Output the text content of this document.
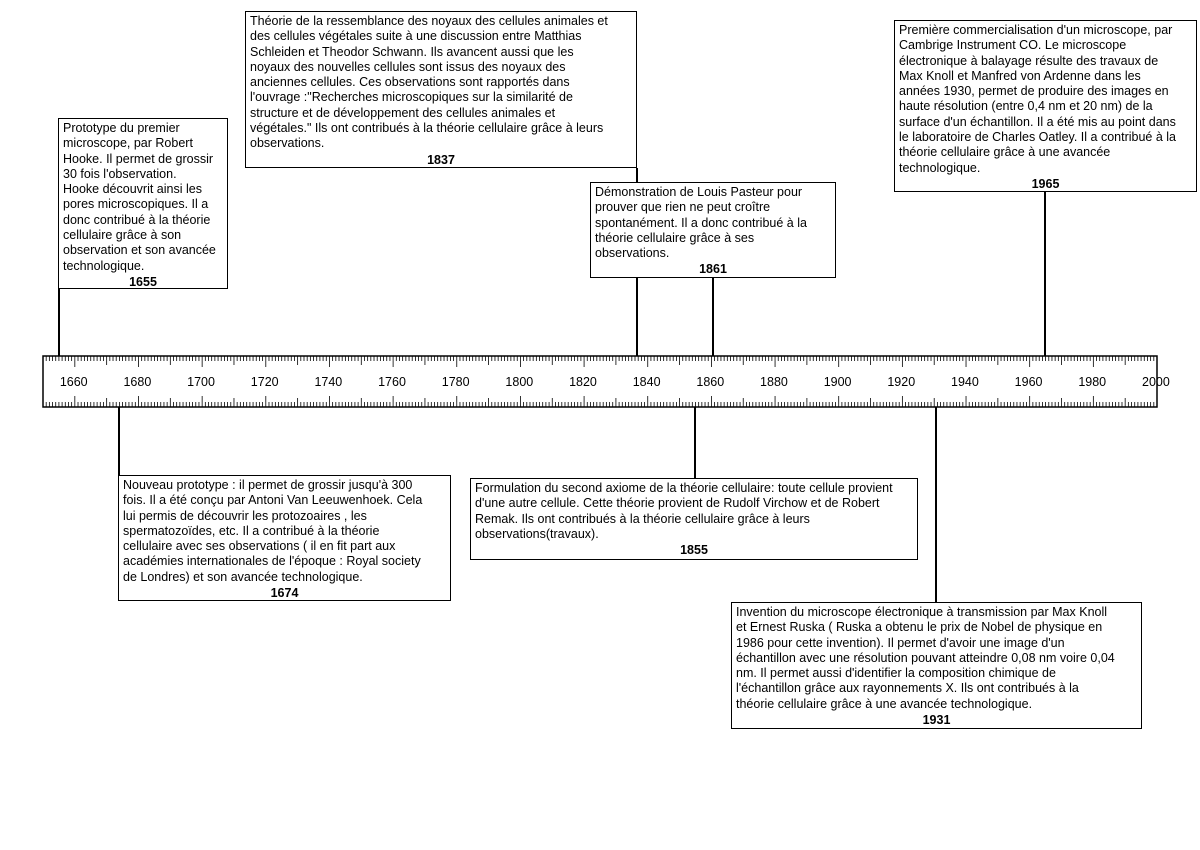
1660	1680	1700	1720	1740	1760	1780	1800	1820	1840	1860	1880	1900	1920	1940	1960	1980	2000

Prototype du premier
microscope, par Robert
Hooke. Il permet de grossir
30 fois l'observation.
Hooke découvrit ainsi les
pores microscopiques. Il a
donc contribué à la théorie
cellulaire grâce à son
observation et son avancée
technologique.

1655

Théorie de la ressemblance des noyaux des cellules animales et
des cellules végétales suite à une discussion entre Matthias
Schleiden et Theodor Schwann. Ils avancent aussi que les
noyaux des nouvelles cellules sont issus des noyaux des
anciennes cellules. Ces observations sont rapportés dans
l'ouvrage :"Recherches microscopiques sur la similarité de
structure et de développement des cellules animales et
végétales." Ils ont contribués à la théorie cellulaire grâce à leurs
observations.

1837

Démonstration de Louis Pasteur pour
prouver que rien ne peut croître
spontanément. Il a donc contribué à la
théorie cellulaire grâce à ses
observations.

1861

Première commercialisation d'un microscope, par
Cambrige Instrument CO. Le microscope
électronique à balayage résulte des travaux de
Max Knoll et Manfred von Ardenne dans les
années 1930, permet de produire des images en
haute résolution (entre 0,4 nm et 20 nm) de la
surface d'un échantillon. Il a été mis au point dans
le laboratoire de Charles Oatley. Il a contribué à la
théorie cellulaire grâce à une avancée
technologique.

1965

Nouveau prototype : il permet de grossir jusqu'à 300
fois. Il a été conçu par Antoni Van Leeuwenhoek. Cela
lui permis de découvrir les protozoaires , les
spermatozoïdes, etc. Il a contribué à la théorie
cellulaire avec ses observations ( il en fit part aux
académies internationales de l'époque : Royal society
de Londres) et son avancée technologique.

1674

Formulation du second axiome de la théorie cellulaire: toute cellule provient
d'une autre cellule. Cette théorie provient de Rudolf Virchow et de Robert
Remak. Ils ont contribués à la théorie cellulaire grâce à leurs
observations(travaux).

1855

Invention du microscope électronique à transmission par Max Knoll
et Ernest Ruska ( Ruska a obtenu le prix de Nobel de physique en
1986 pour cette invention). Il permet d'avoir une image d'un
échantillon avec une résolution pouvant atteindre 0,08 nm voire 0,04
nm. Il permet aussi d'identifier la composition chimique de
l'échantillon grâce aux rayonnements X. Ils ont contribués à la
théorie cellulaire grâce à une avancée technologique.

1931
